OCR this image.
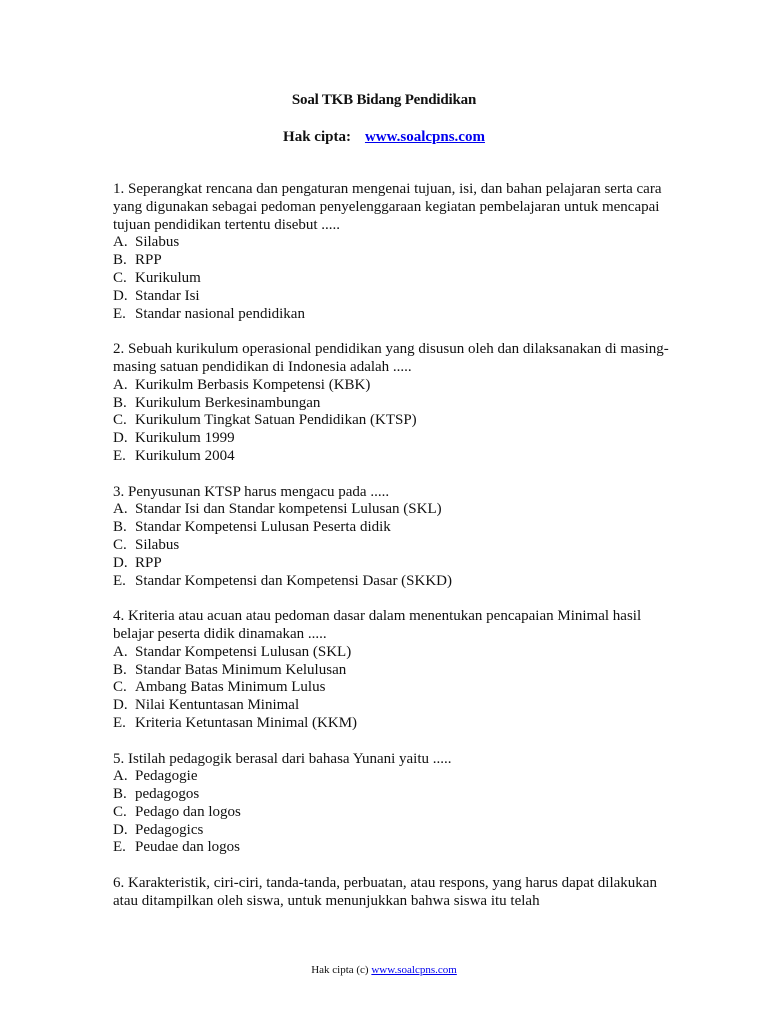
Soal TKB Bidang Pendidikan
Hak cipta: www.soalcpns.com

1. Seperangkat rencana dan pengaturan mengenai tujuan, isi, dan bahan pelajaran serta cara yang digunakan sebagai pedoman penyelenggaraan kegiatan pembelajaran untuk mencapai tujuan pendidikan tertentu disebut .....

A. Silabus
B. RPP
C. Kurikulum
D. Standar Isi
E. Standar nasional pendidikan

2. Sebuah kurikulum operasional pendidikan yang disusun oleh dan dilaksanakan di masing-masing satuan pendidikan di Indonesia adalah .....

A. Kurikulm Berbasis Kompetensi (KBK)
B. Kurikulum Berkesinambungan
C. Kurikulum Tingkat Satuan Pendidikan (KTSP)
D. Kurikulum 1999
E. Kurikulum 2004

3. Penyusunan KTSP harus mengacu pada .....

A. Standar Isi dan Standar kompetensi Lulusan (SKL)
B. Standar Kompetensi Lulusan Peserta didik
C. Silabus
D. RPP
E. Standar Kompetensi dan Kompetensi Dasar (SKKD)

4. Kriteria atau acuan atau pedoman dasar dalam menentukan pencapaian Minimal hasil belajar peserta didik dinamakan .....

A. Standar Kompetensi Lulusan (SKL)
B. Standar Batas Minimum Kelulusan
C. Ambang Batas Minimum Lulus
D. Nilai Kentuntasan Minimal
E. Kriteria Ketuntasan Minimal (KKM)

5. Istilah pedagogik berasal dari bahasa Yunani yaitu .....

A. Pedagogie
B. pedagogos
C. Pedago dan logos
D. Pedagogics
E. Peudae dan logos

6. Karakteristik, ciri-ciri, tanda-tanda, perbuatan, atau respons, yang harus dapat dilakukan atau ditampilkan oleh siswa, untuk menunjukkan bahwa siswa itu telah

Hak cipta (c) www.soalcpns.com
